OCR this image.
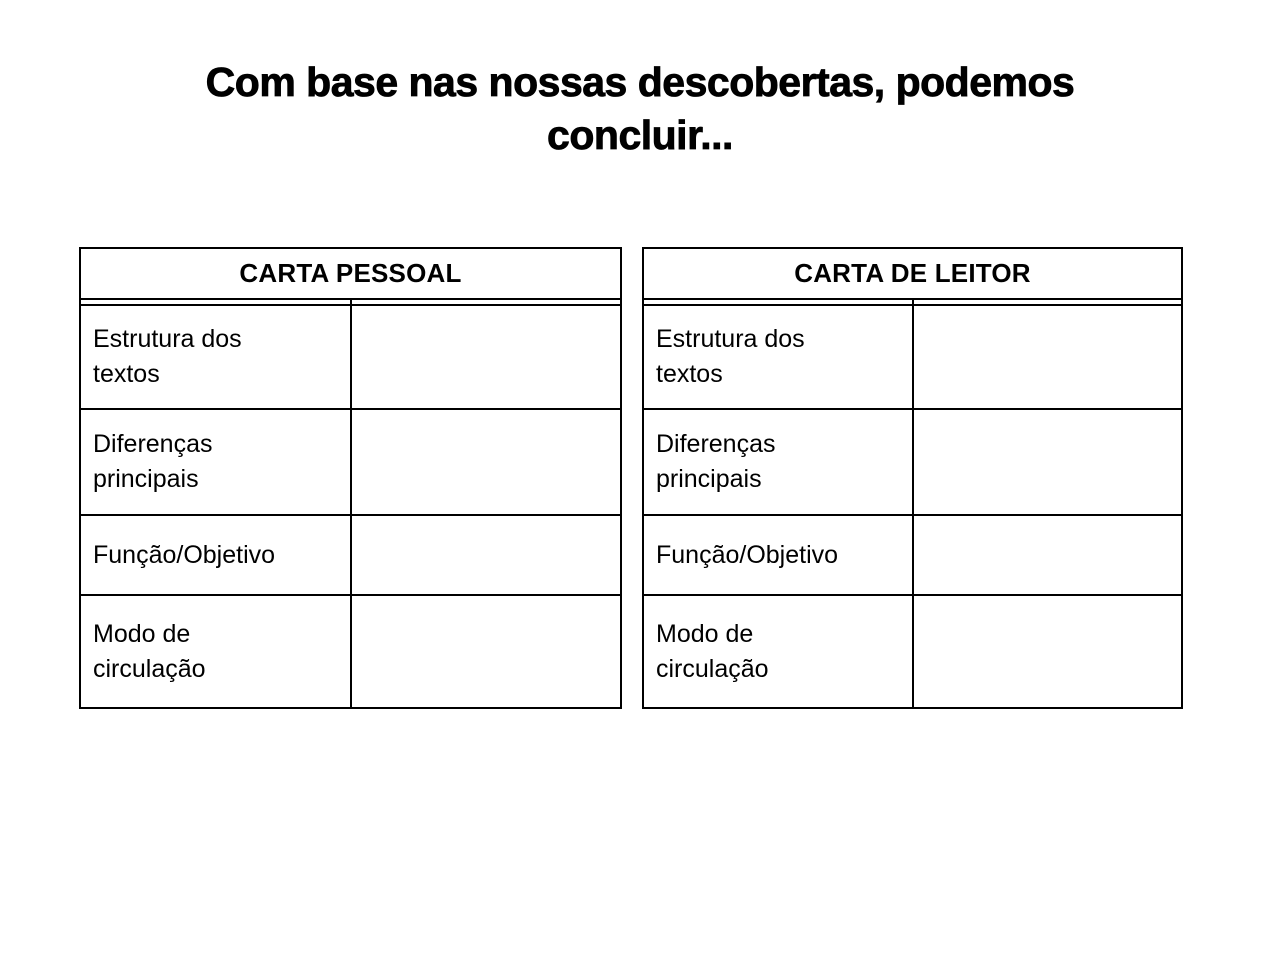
Com base nas nossas descobertas, podemos
concluir...
CARTA PESSOAL	

Estrutura dos textos	
Diferenças principais	
Função/Objetivo	
Modo de circulação	
CARTA DE LEITOR	

Estrutura dos textos	
Diferenças principais	
Função/Objetivo	
Modo de circulação	
